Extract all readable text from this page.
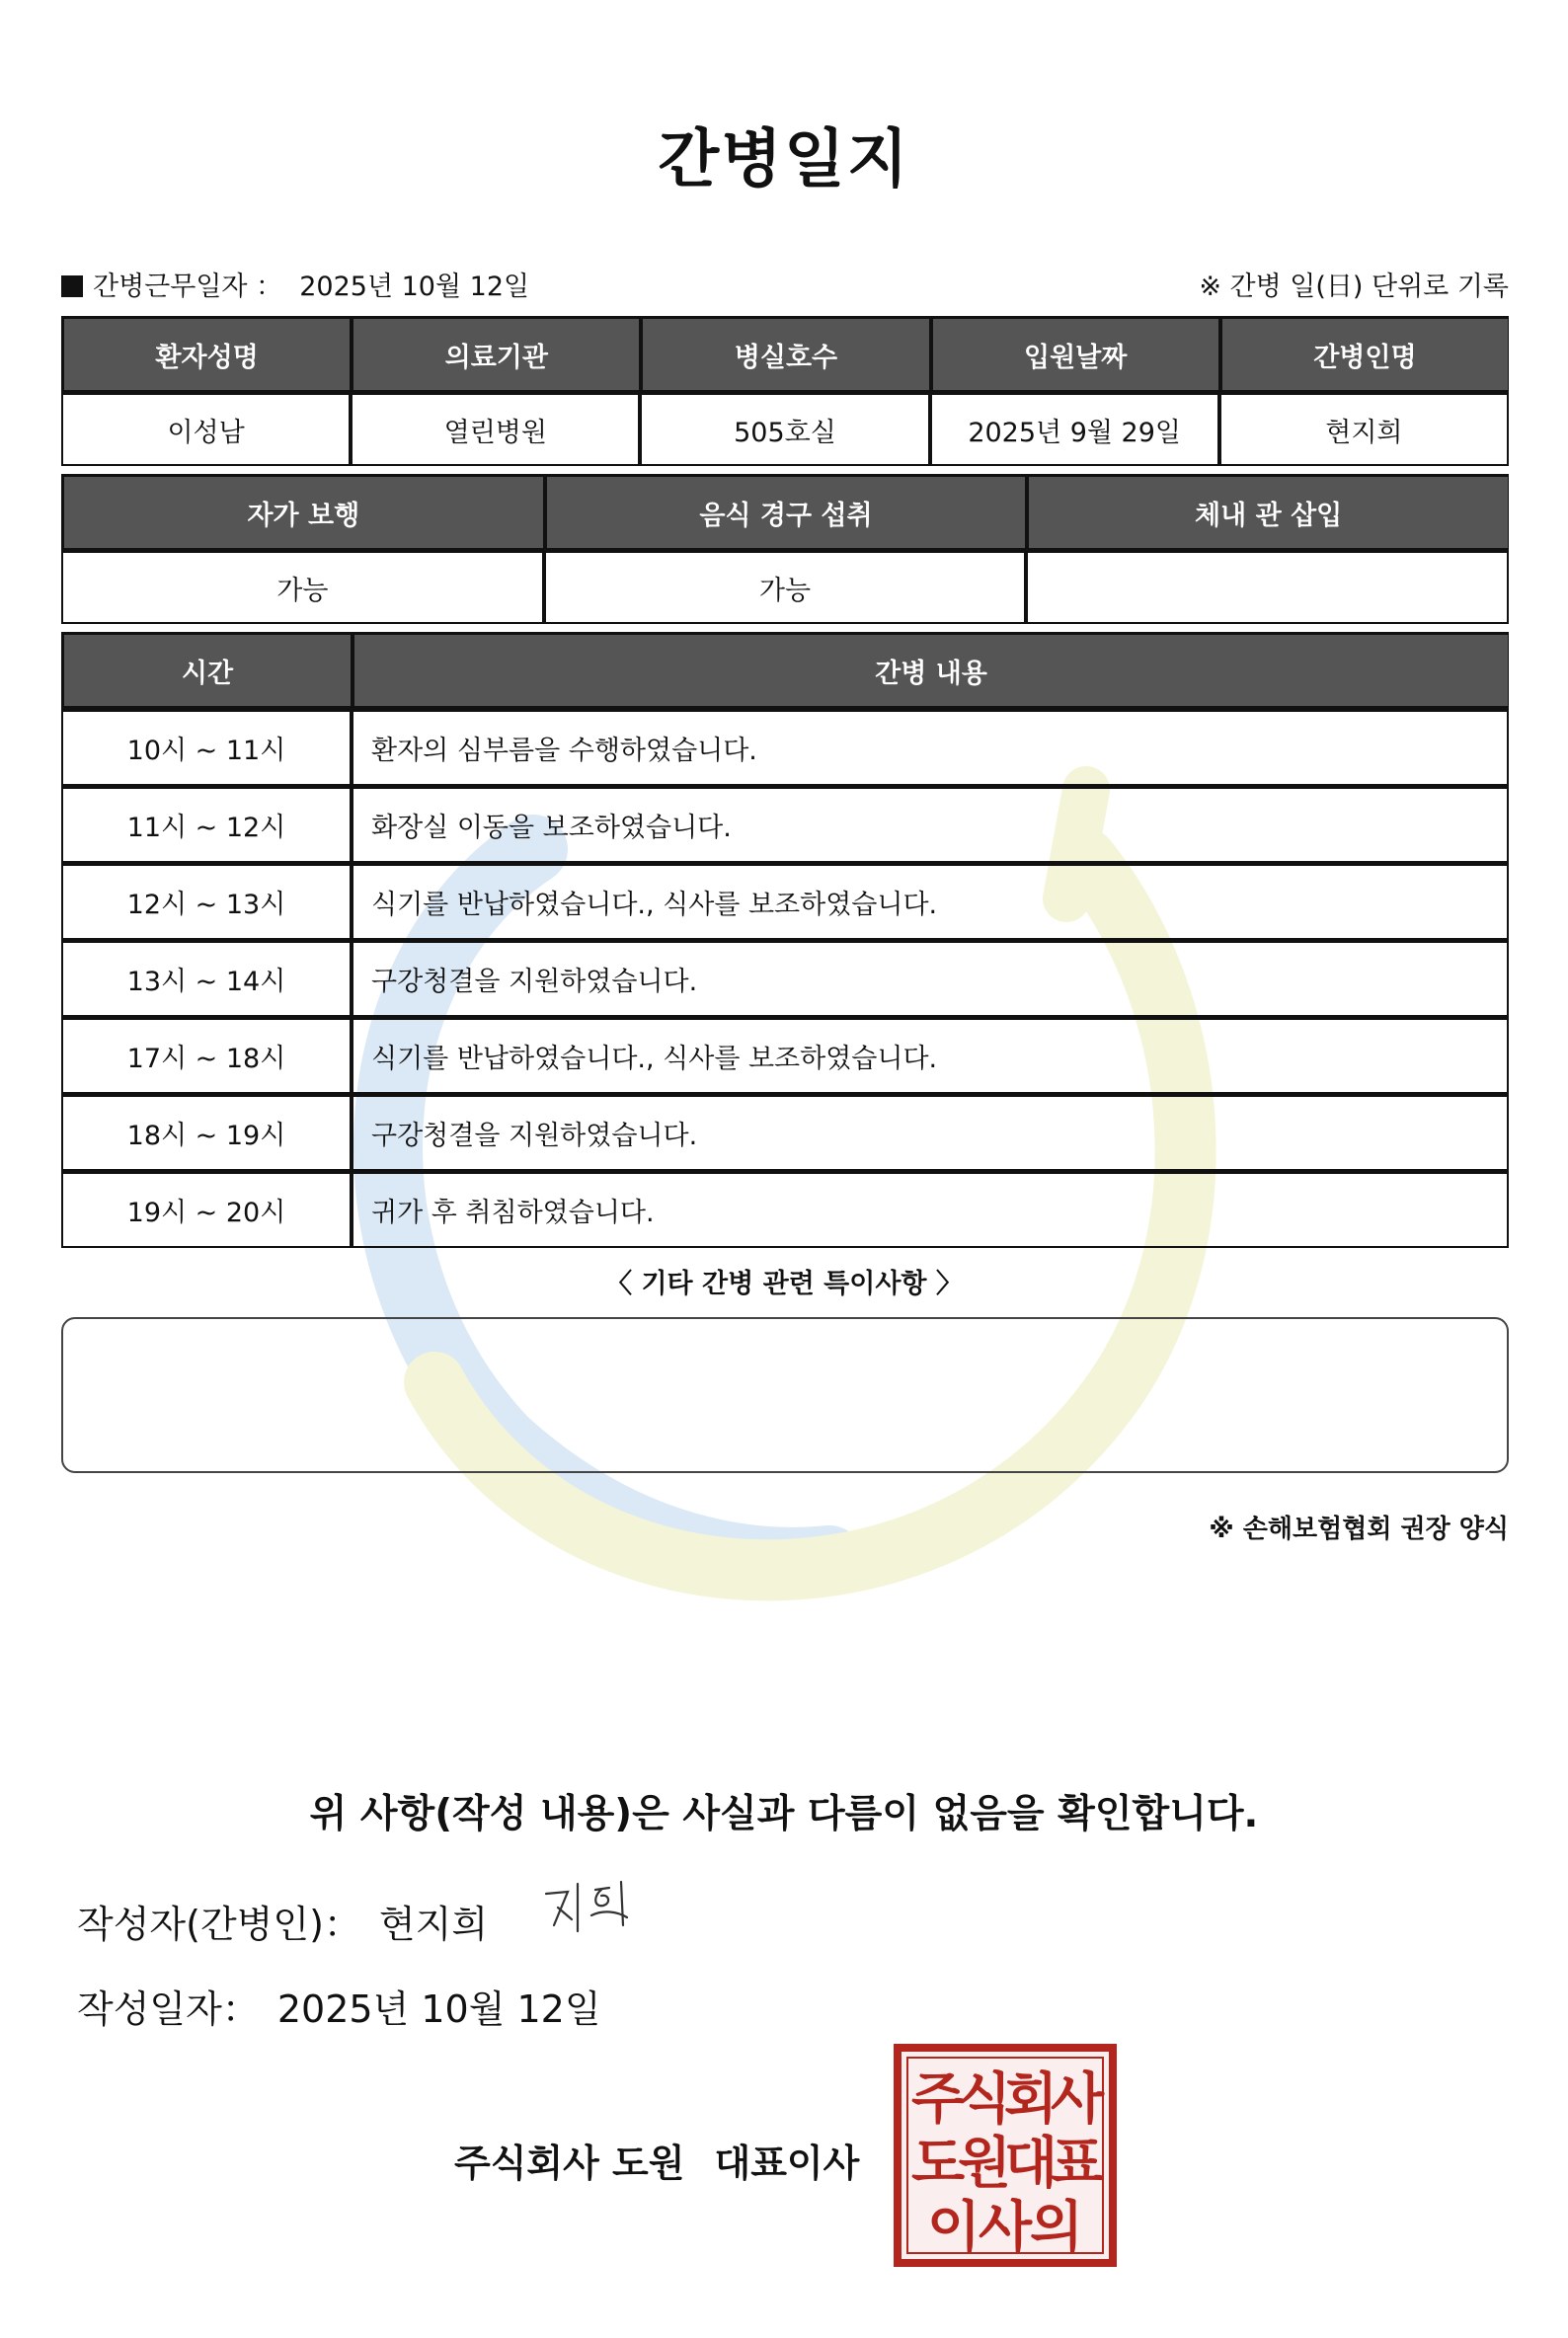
간병일지
간병근무일자 ： 2025년 10월 12일	※ 간병 일(日) 단위로 기록
환자성명	의료기관	병실호수	입원날짜	간병인명
이성남	열린병원	505호실	2025년 9월 29일	현지희
자가 보행	음식 경구 섭취	체내 관 삽입
가능	가능	
시간	간병 내용
10시 ~ 11시	환자의 심부름을 수행하였습니다.
11시 ~ 12시	화장실 이동을 보조하였습니다.
12시 ~ 13시	식기를 반납하였습니다., 식사를 보조하였습니다.
13시 ~ 14시	구강청결을 지원하였습니다.
17시 ~ 18시	식기를 반납하였습니다., 식사를 보조하였습니다.
18시 ~ 19시	구강청결을 지원하였습니다.
19시 ~ 20시	귀가 후 취침하였습니다.
〈 기타 간병 관련 특이사항 〉
※ 손해보험협회 권장 양식
위 사항(작성 내용)은 사실과 다름이 없음을 확인합니다.
작성자(간병인)： 현지희
작성일자： 2025년 10월 12일
주식회사 도원 대표이사
주
식
회
사
도
원
대
표
이
사
의
